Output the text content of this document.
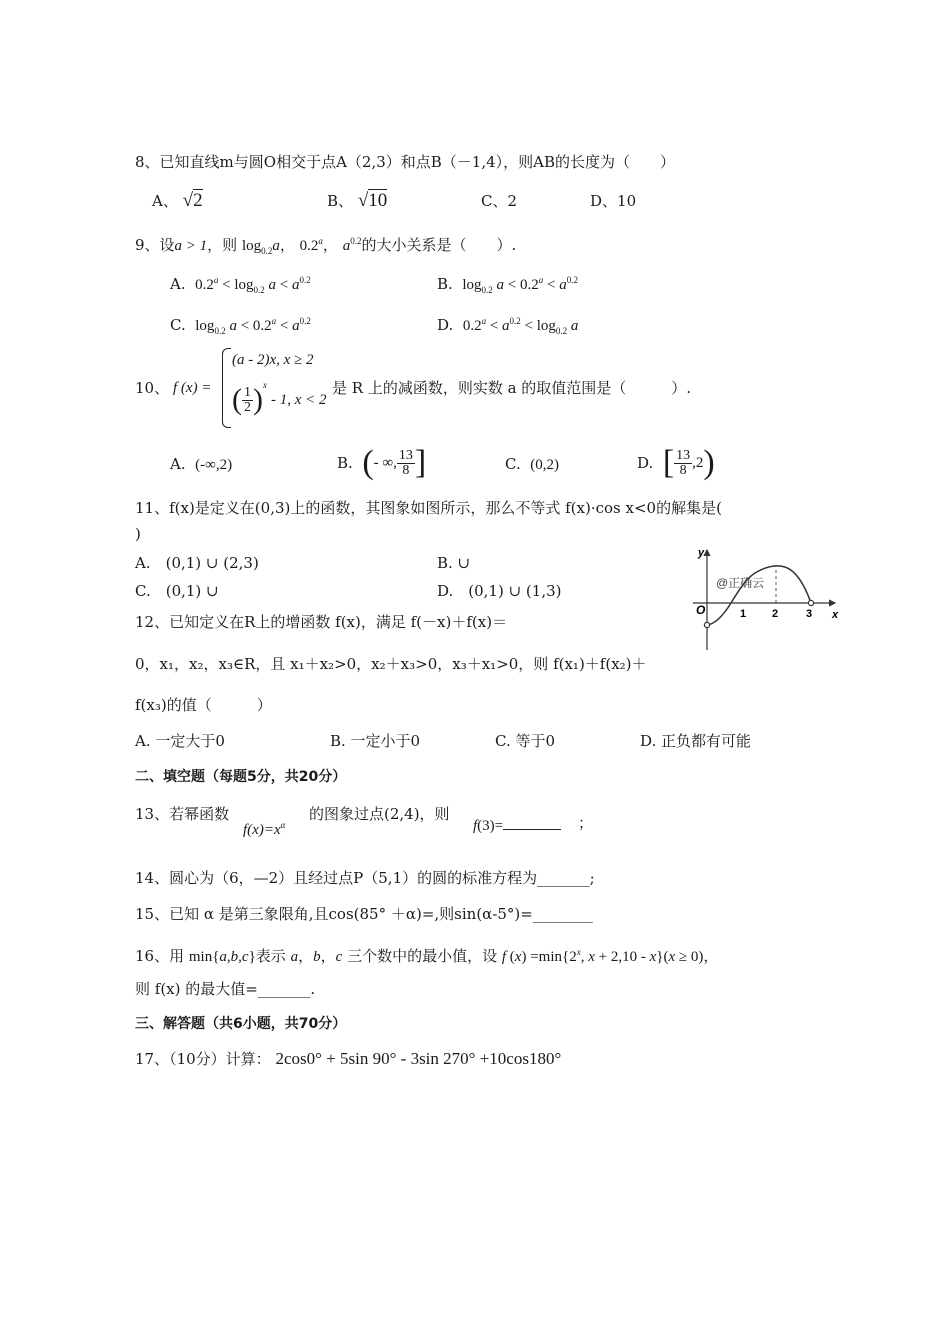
8、已知直线m与圆O相交于点A（2,3）和点B（－1,4），则AB的长度为（　　）
A、 √2	B、 √10	C、2	D、10
9、设a > 1，则 $\log_{0.2}a$， 0.2$^a$， $a^{0.2}$的大小关系是（　　）.
A. $0.2^a < \log_{0.2} a < a^{0.2}$	B. $\log_{0.2} a < 0.2^a < a^{0.2}$
C. $\log_{0.2} a < 0.2^a < a^{0.2}$	D. $0.2^a < a^{0.2} < \log_{0.2} a$
10、 f (x) =
(a - 2)x, x ≥ 2
( $\frac{1}{2} )^x$
- 1, x < 2
是 R 上的减函数，则实数 a 的取值范围是（　　　）.
A. (-∞,2)	B.
( - ∞, $\frac{13}{8}$ ]	C. (0,2)	D.
[ $\frac{13}{8} ,2$ )
11、f(x)是定义在(0,3)上的函数，其图象如图所示，那么不等式 f(x)·cos x<0的解集是(
)
A.　(0,1) ∪ (2,3)	B. ∪
C.　(0,1) ∪	D.　(0,1) ∪ (1,3)
y
x
O	1 2	3
@正确云
12、已知定义在R上的增函数 f(x)，满足 f(－x)＋f(x)＝
0，x₁，x₂，x₃∈R，且 x₁＋x₂>0，x₂＋x₃>0，x₃＋x₁>0，则 f(x₁)＋f(x₂)＋
f(x₃)的值（　　　）
A. 一定大于0	B. 一定小于0	C. 等于0	D. 正负都有可能
二、填空题（每题5分，共20分）
13、若幂函数
$f(x)=x^\alpha$
的图象过点(2,4)，则
f(3)=	；
14、圆心为（6，—2）且经过点P（5,1）的圆的标准方程为_______;
15、已知 α 是第三象限角,且cos(85° ＋α)=,则sin(α-5°)=________
16、用 min{a,b,c}表示 a，b，c 三个数中的最小值，设 f $(x) =\min\{2^x$, x + 2,10 - x}(x ≥ 0)，
则 f(x) 的最大值=_______.
三、解答题（共6小题，共70分）
17、（10分）计算： 2cos0° + 5sin 90° - 3sin 270° +10cos180°
